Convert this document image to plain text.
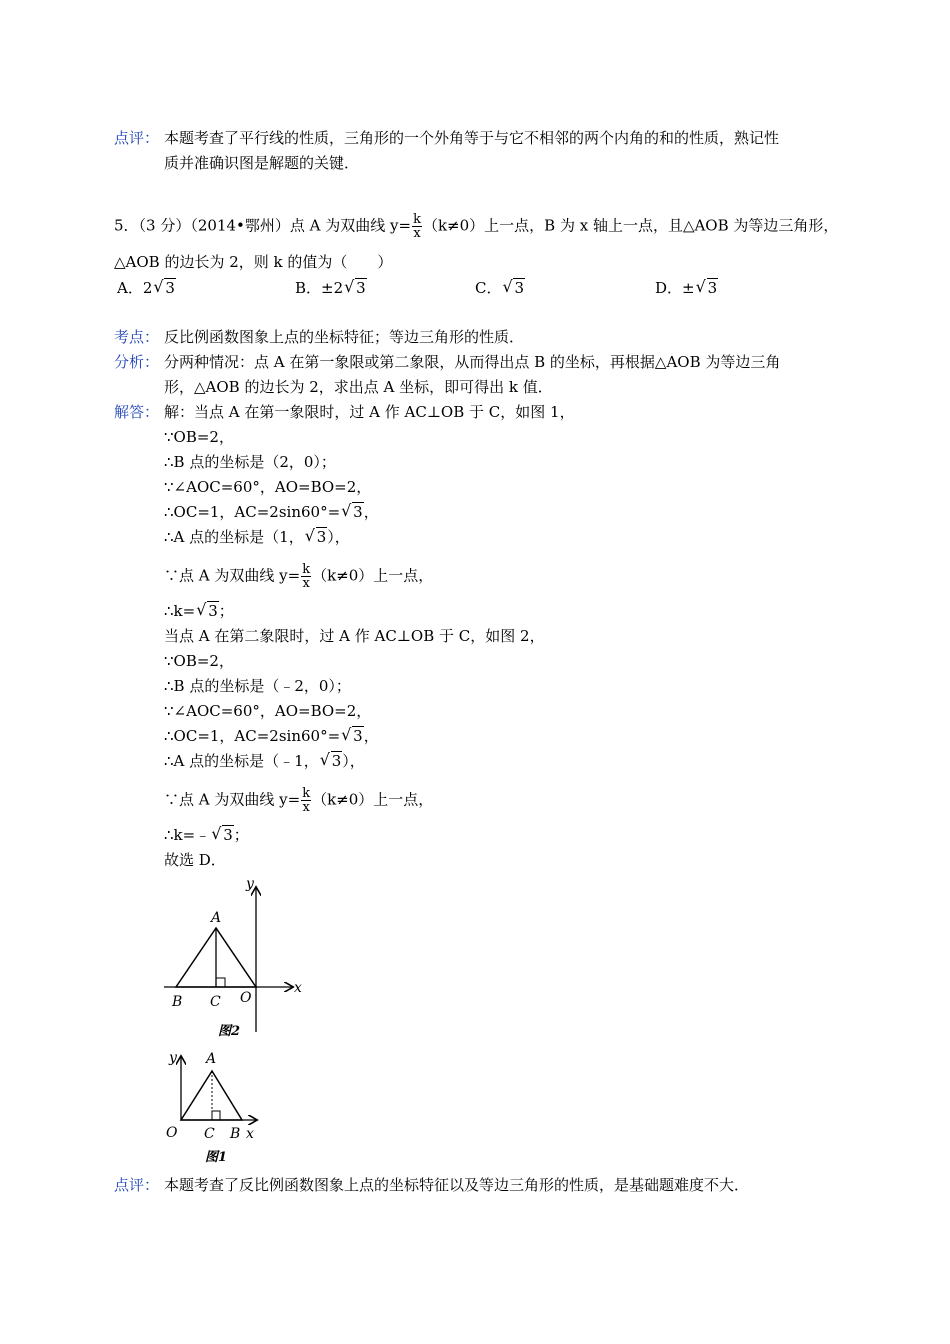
点评： 本题考查了平行线的性质，三角形的一个外角等于与它不相邻的两个内角的和的性质，熟记性
质并准确识图是解题的关键．
5．（3 分）（2014•鄂州）点 A 为双曲线 $y= \frac{k}{x} (k\ne 0)$上一点，B 为 x 轴上一点，且△AOB 为等边三角形，
△AOB 的边长为 2，则 k 的值为（　　）
A．2 √ 3	B．±2 √ 3	C． √ 3	D．± √ 3
考点： 反比例函数图象上点的坐标特征；等边三角形的性质．
分析： 分两种情况：点 A 在第一象限或第二象限，从而得出点 B 的坐标，再根据△AOB 为等边三角
形，△AOB 的边长为 2，求出点 A 坐标，即可得出 k 值．
解答： 解：当点 A 在第一象限时，过 A 作 AC⊥OB 于 C，如图 1，
∵OB=2，
∴B 点的坐标是（2，0）；
∵∠AOC=60°，AO=BO=2，
∴OC=1，AC=2sin60°= √ 3，
∴A 点的坐标是（1， √ 3），
∵点 A 为双曲线 $y= \frac{k}{x} (k\ne 0)$上一点，
∴k= √ 3；
当点 A 在第二象限时，过 A 作 AC⊥OB 于 C，如图 2，
∵OB=2，
∴B 点的坐标是（﹣2，0）；
∵∠AOC=60°，AO=BO=2，
∴OC=1，AC=2sin60°= √ 3，
∴A 点的坐标是（﹣1， √ 3），
∵点 A 为双曲线 $y= \frac{k}{x} (k\ne 0)$上一点，
∴k=﹣ √ 3；
故选 D．
y
A
B C O
x
图2
y A
O C B x
图1
点评： 本题考查了反比例函数图象上点的坐标特征以及等边三角形的性质，是基础题难度不大．
